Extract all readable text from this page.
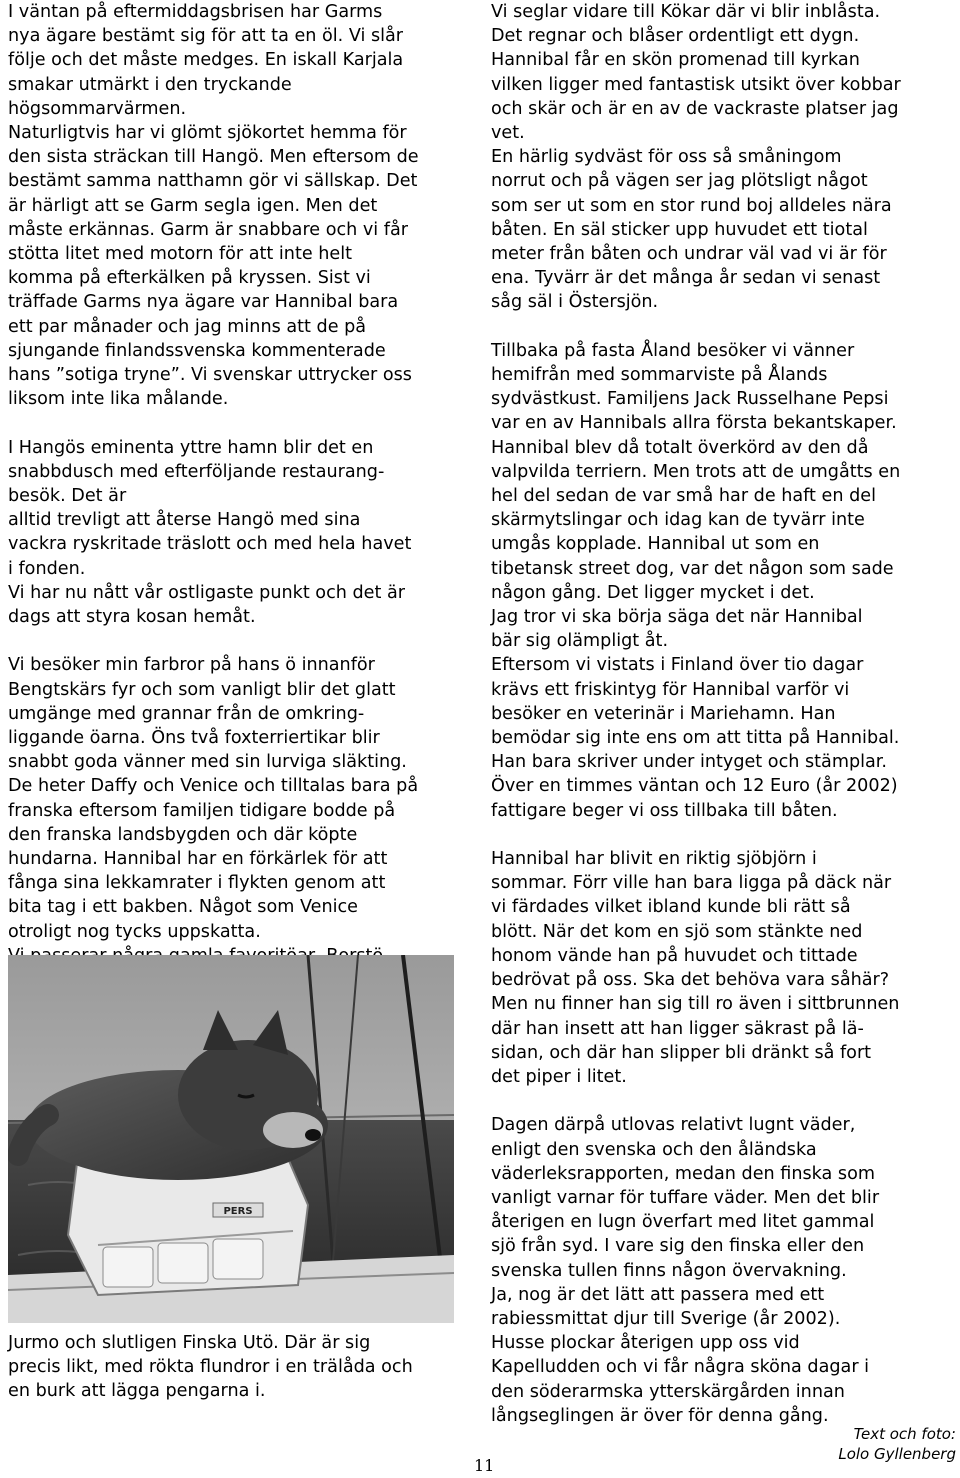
I väntan på eftermiddagsbrisen har Garms
nya ägare bestämt sig för att ta en öl. Vi slår
följe och det måste medges. En iskall Karjala
smakar utmärkt i den tryckande
högsommarvärmen.
Naturligtvis har vi glömt sjökortet hemma för
den sista sträckan till Hangö. Men eftersom de
bestämt samma natthamn gör vi sällskap. Det
är härligt att se Garm segla igen. Men det
måste erkännas. Garm är snabbare och vi får
stötta litet med motorn för att inte helt
komma på efterkälken på kryssen. Sist vi
träffade Garms nya ägare var Hannibal bara
ett par månader och jag minns att de på
sjungande finlandssvenska kommenterade
hans ”sotiga tryne”. Vi svenskar uttrycker oss
liksom inte lika målande.

I Hangös eminenta yttre hamn blir det en
snabbdusch med efterföljande restaurang-
besök. Det är
alltid trevligt att återse Hangö med sina
vackra ryskritade träslott och med hela havet
i fonden.
Vi har nu nått vår ostligaste punkt och det är
dags att styra kosan hemåt.

Vi besöker min farbror på hans ö innanför
Bengtskärs fyr och som vanligt blir det glatt
umgänge med grannar från de omkring-
liggande öarna. Öns två foxterriertikar blir
snabbt goda vänner med sin lurviga släkting.
De heter Daffy och Venice och tilltalas bara på
franska eftersom familjen tidigare bodde på
den franska landsbygden och där köpte
hundarna. Hannibal har en förkärlek för att
fånga sina lekkamrater i flykten genom att
bita tag i ett bakben. Något som Venice
otroligt nog tycks uppskatta.

PERS

Jurmo och slutligen Finska Utö. Där är sig
precis likt, med rökta flundror i en trälåda och
en burk att lägga pengarna i.

Vi seglar vidare till Kökar där vi blir inblåsta.
Det regnar och blåser ordentligt ett dygn.
Hannibal får en skön promenad till kyrkan
vilken ligger med fantastisk utsikt över kobbar
och skär och är en av de vackraste platser jag
vet.
En härlig sydväst för oss så småningom
norrut och på vägen ser jag plötsligt något
som ser ut som en stor rund boj alldeles nära
båten. En säl sticker upp huvudet ett tiotal
meter från båten och undrar väl vad vi är för
ena. Tyvärr är det många år sedan vi senast
såg säl i Östersjön.

Tillbaka på fasta Åland besöker vi vänner
hemifrån med sommarviste på Ålands
sydvästkust. Familjens Jack Russelhane Pepsi
var en av Hannibals allra första bekantskaper.
Hannibal blev då totalt överkörd av den då
valpvilda terriern. Men trots att de umgåtts en
hel del sedan de var små har de haft en del
skärmytslingar och idag kan de tyvärr inte
umgås kopplade. Hannibal ut som en
tibetansk street dog, var det någon som sade
någon gång. Det ligger mycket i det.
Jag tror vi ska börja säga det när Hannibal
bär sig olämpligt åt.
Eftersom vi vistats i Finland över tio dagar
krävs ett friskintyg för Hannibal varför vi
besöker en veterinär i Mariehamn. Han
bemödar sig inte ens om att titta på Hannibal.
Han bara skriver under intyget och stämplar.
Över en timmes väntan och 12 Euro (år 2002)
fattigare beger vi oss tillbaka till båten.

Hannibal har blivit en riktig sjöbjörn i
sommar. Förr ville han bara ligga på däck när
vi färdades vilket ibland kunde bli rätt så
blött. När det kom en sjö som stänkte ned
honom vände han på huvudet och tittade
bedrövat på oss. Ska det behöva vara såhär?
Men nu finner han sig till ro även i sittbrunnen
där han insett att han ligger säkrast på lä-
sidan, och där han slipper bli dränkt så fort
det piper i litet.

Dagen därpå utlovas relativt lugnt väder,
enligt den svenska och den åländska
väderleksrapporten, medan den finska som
vanligt varnar för tuffare väder. Men det blir
återigen en lugn överfart med litet gammal
sjö från syd. I vare sig den finska eller den
svenska tullen finns någon övervakning.
Ja, nog är det lätt att passera med ett
rabiessmittat djur till Sverige (år 2002).
Husse plockar återigen upp oss vid
Kapelludden och vi får några sköna dagar i
den söderarmska ytterskärgården innan
långseglingen är över för denna gång.

Text och foto:
Lolo Gyllenberg
11
